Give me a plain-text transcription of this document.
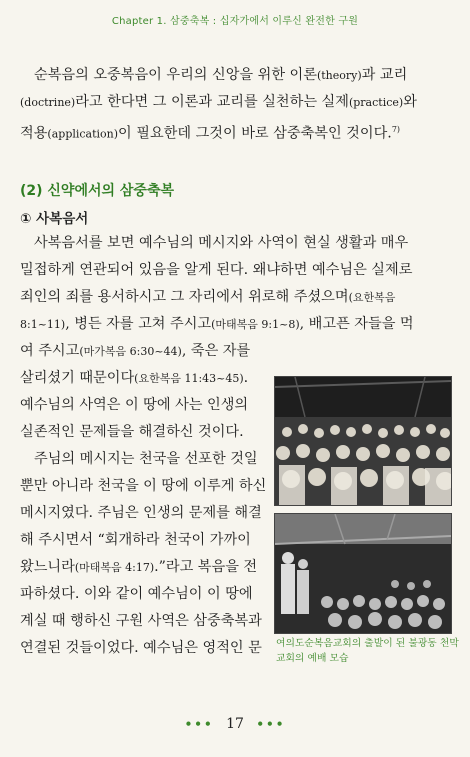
Chapter 1. 삼중축복 : 십자가에서 이루신 완전한 구원
순복음의 오중복음이 우리의 신앙을 위한 이론(theory)과 교리
(doctrine)라고 한다면 그 이론과 교리를 실천하는 실제(practice)와
적용(application)이 필요한데 그것이 바로 삼중축복인 것이다.$^{7)}$
(2) 신약에서의 삼중축복
① 사복음서
사복음서를 보면 예수님의 메시지와 사역이 현실 생활과 매우
밀접하게 연관되어 있음을 알게 된다. 왜냐하면 예수님은 실제로
죄인의 죄를 용서하시고 그 자리에서 위로해 주셨으며(요한복음
8:1~11), 병든 자를 고쳐 주시고(마태복음 9:1~8), 배고픈 자들을 먹
여 주시고(마가복음 6:30~44), 죽은 자를
살리셨기 때문이다(요한복음 11:43~45).
예수님의 사역은 이 땅에 사는 인생의
실존적인 문제들을 해결하신 것이다.
주님의 메시지는 천국을 선포한 것일
뿐만 아니라 천국을 이 땅에 이루게 하신
메시지였다. 주님은 인생의 문제를 해결
해 주시면서 “회개하라 천국이 가까이
왔느니라(마태복음 4:17).”라고 복음을 전
파하셨다. 이와 같이 예수님이 이 땅에
계실 때 행하신 구원 사역은 삼중축복과
연결된 것들이었다. 예수님은 영적인 문	여의도순복음교회의 출발이 된 불광동 천막
교회의 예배 모습
••• 17 •••
